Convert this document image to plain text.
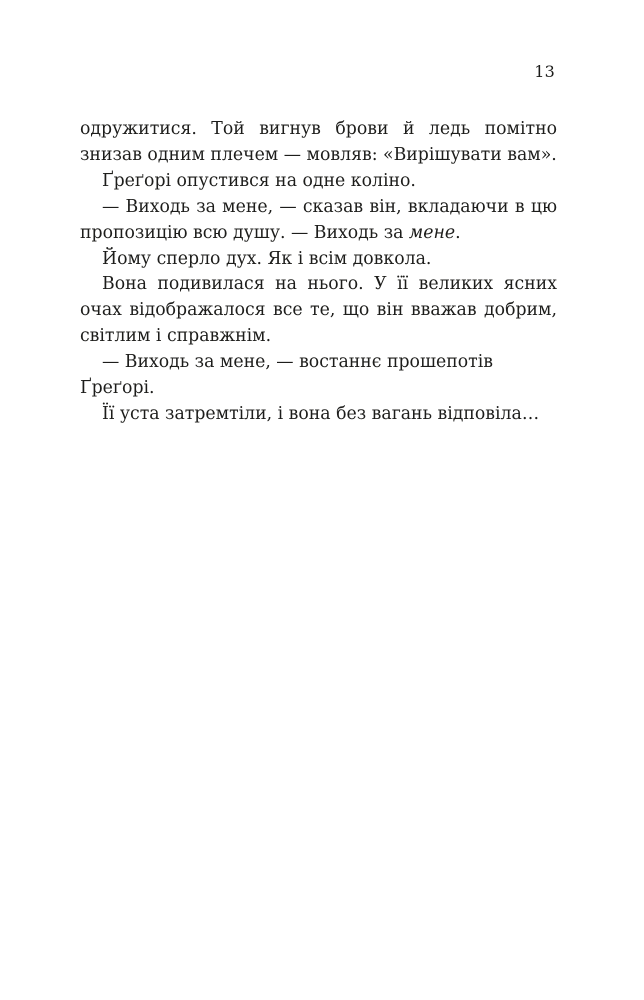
13

одружитися. Той вигнув брови й ледь помітно знизав одним плечем — мовляв: «Вирішувати вам».

Ґреґорі опустився на одне коліно.

— Виходь за мене, — сказав він, вкладаючи в цю пропозицію всю душу. — Виходь за мене.

Йому сперло дух. Як і всім довкола.

Вона подивилася на нього. У її великих ясних очах відображалося все те, що він вважав добрим, світлим і справжнім.

— Виходь за мене, — востаннє прошепотів Ґреґорі.

Її уста затремтіли, і вона без вагань відповіла…
